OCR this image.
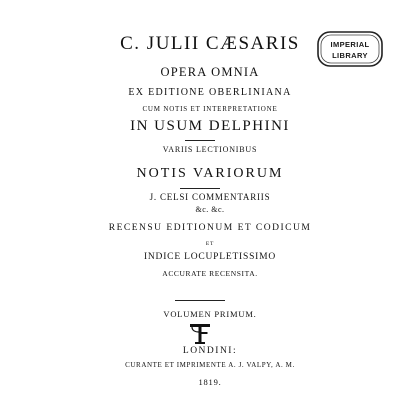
C. JULII CÆSARIS
OPERA OMNIA
EX EDITIONE OBERLINIANA
CUM NOTIS ET INTERPRETATIONE
IN USUM DELPHINI
VARIIS LECTIONIBUS
NOTIS VARIORUM
J. CELSI COMMENTARIIS
&c. &c.
RECENSU EDITIONUM ET CODICUM
ET
INDICE LOCUPLETISSIMO
ACCURATE RECENSITA.
VOLUMEN PRIMUM.
LONDINI:
CURANTE ET IMPRIMENTE A. J. VALPY, A. M.
1819.
IMPERIAL
LIBRARY
